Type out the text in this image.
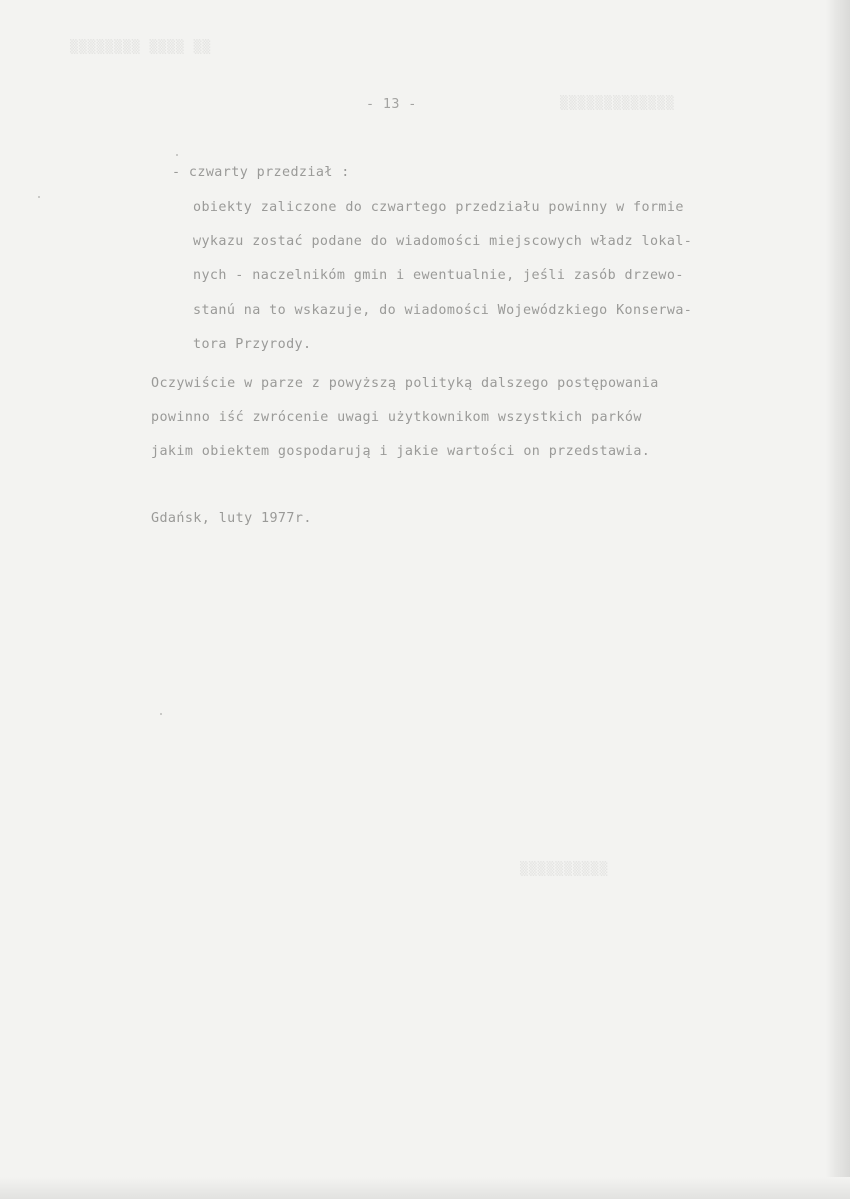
▒▒▒▒▒▒▒▒ ▒▒▒▒ ▒▒
▒▒▒▒▒▒▒▒▒▒▒▒▒
▒▒▒▒▒▒▒▒▒▒
- 13 -
- czwarty przedział :
obiekty zaliczone do czwartego przedziału powinny w formie
wykazu zostać podane do wiadomości miejscowych władz lokal-
nych - naczelnikóm gmin i ewentualnie, jeśli zasób drzewo-
stanú na to wskazuje, do wiadomości Wojewódzkiego Konserwa-
tora Przyrody.
Oczywiście w parze z powyższą polityką dalszego postępowania
powinno iść zwrócenie uwagi użytkownikom wszystkich parków
jakim obiektem gospodarują i jakie wartości on przedstawia.
Gdańsk, luty 1977r.
